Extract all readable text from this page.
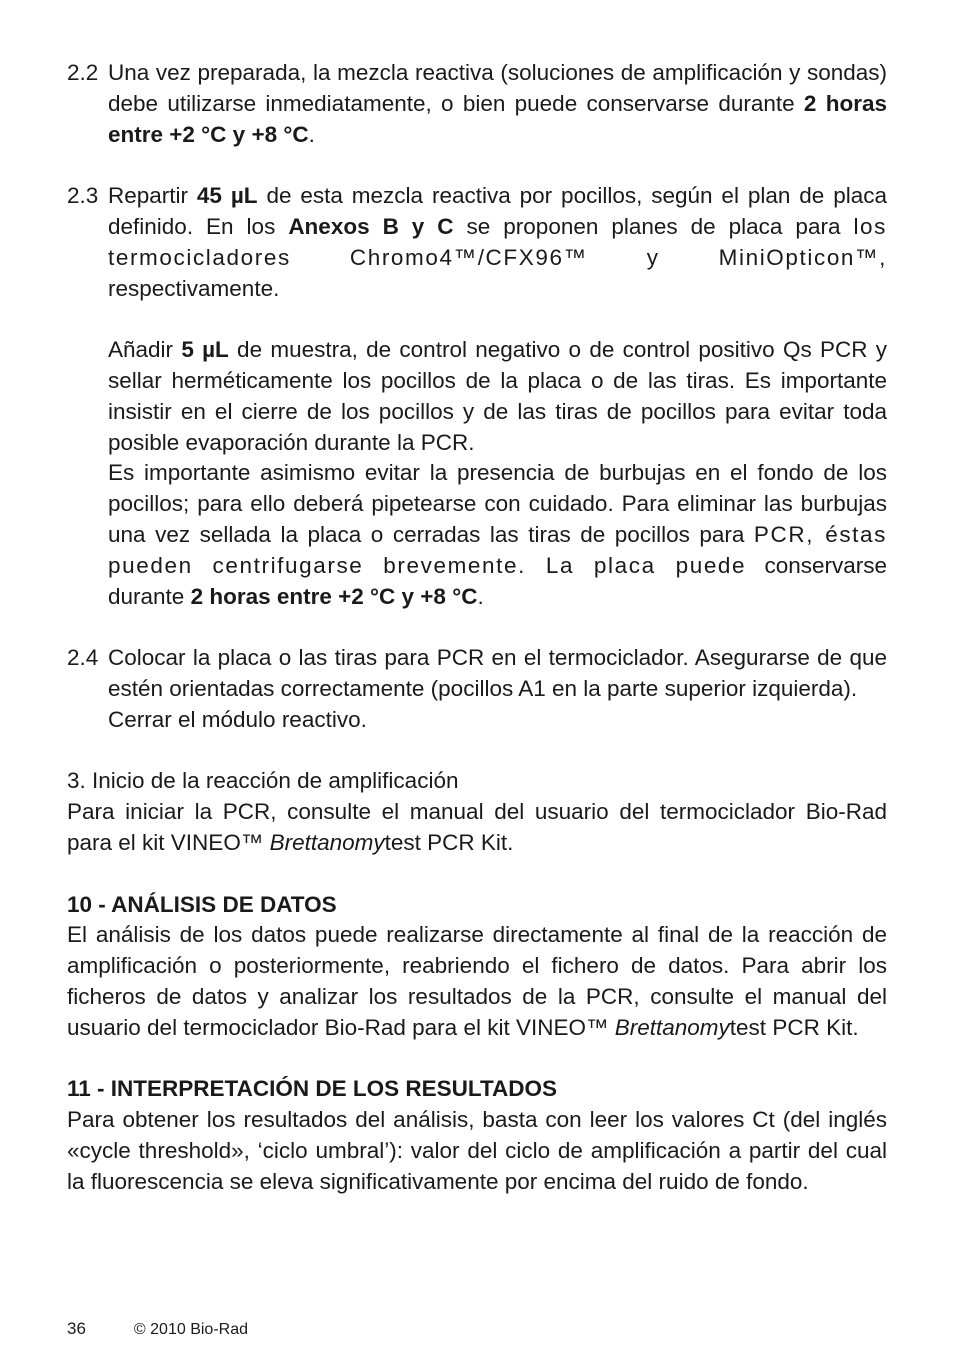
2.2 Una vez preparada, la mezcla reactiva (soluciones de amplificación y sondas) debe utilizarse inmediatamente, o bien puede conservarse durante 2 horas entre +2 °C y +8 °C.

2.3 Repartir 45 µL de esta mezcla reactiva por pocillos, según el plan de placa definido. En los Anexos B y C se proponen planes de placa para los termocicladores Chromo4™/CFX96™ y MiniOpticon™, respectivamente.

Añadir 5 µL de muestra, de control negativo o de control positivo Qs PCR y sellar herméticamente los pocillos de la placa o de las tiras. Es importante insistir en el cierre de los pocillos y de las tiras de pocillos para evitar toda posible evaporación durante la PCR.

Es importante asimismo evitar la presencia de burbujas en el fondo de los pocillos; para ello deberá pipetearse con cuidado. Para eliminar las burbujas una vez sellada la placa o cerradas las tiras de pocillos para PCR, éstas pueden centrifugarse brevemente. La placa puede conservarse durante 2 horas entre +2 °C y +8 °C.

2.4 Colocar la placa o las tiras para PCR en el termociclador. Asegurarse de que estén orientadas correctamente (pocillos A1 en la parte superior izquierda).

Cerrar el módulo reactivo.

3. Inicio de la reacción de amplificación

Para iniciar la PCR, consulte el manual del usuario del termociclador Bio-Rad para el kit VINEO™ Brettanomytest PCR Kit.

10 - ANÁLISIS DE DATOS

El análisis de los datos puede realizarse directamente al final de la reacción de amplificación o posteriormente, reabriendo el fichero de datos. Para abrir los ficheros de datos y analizar los resultados de la PCR, consulte el manual del usuario del termociclador Bio-Rad para el kit VINEO™ Brettanomytest PCR Kit.

11 - INTERPRETACIÓN DE LOS RESULTADOS

Para obtener los resultados del análisis, basta con leer los valores Ct (del inglés «cycle threshold», ‘ciclo umbral’): valor del ciclo de amplificación a partir del cual la fluorescencia se eleva significativamente por encima del ruido de fondo.

36	© 2010 Bio-Rad
